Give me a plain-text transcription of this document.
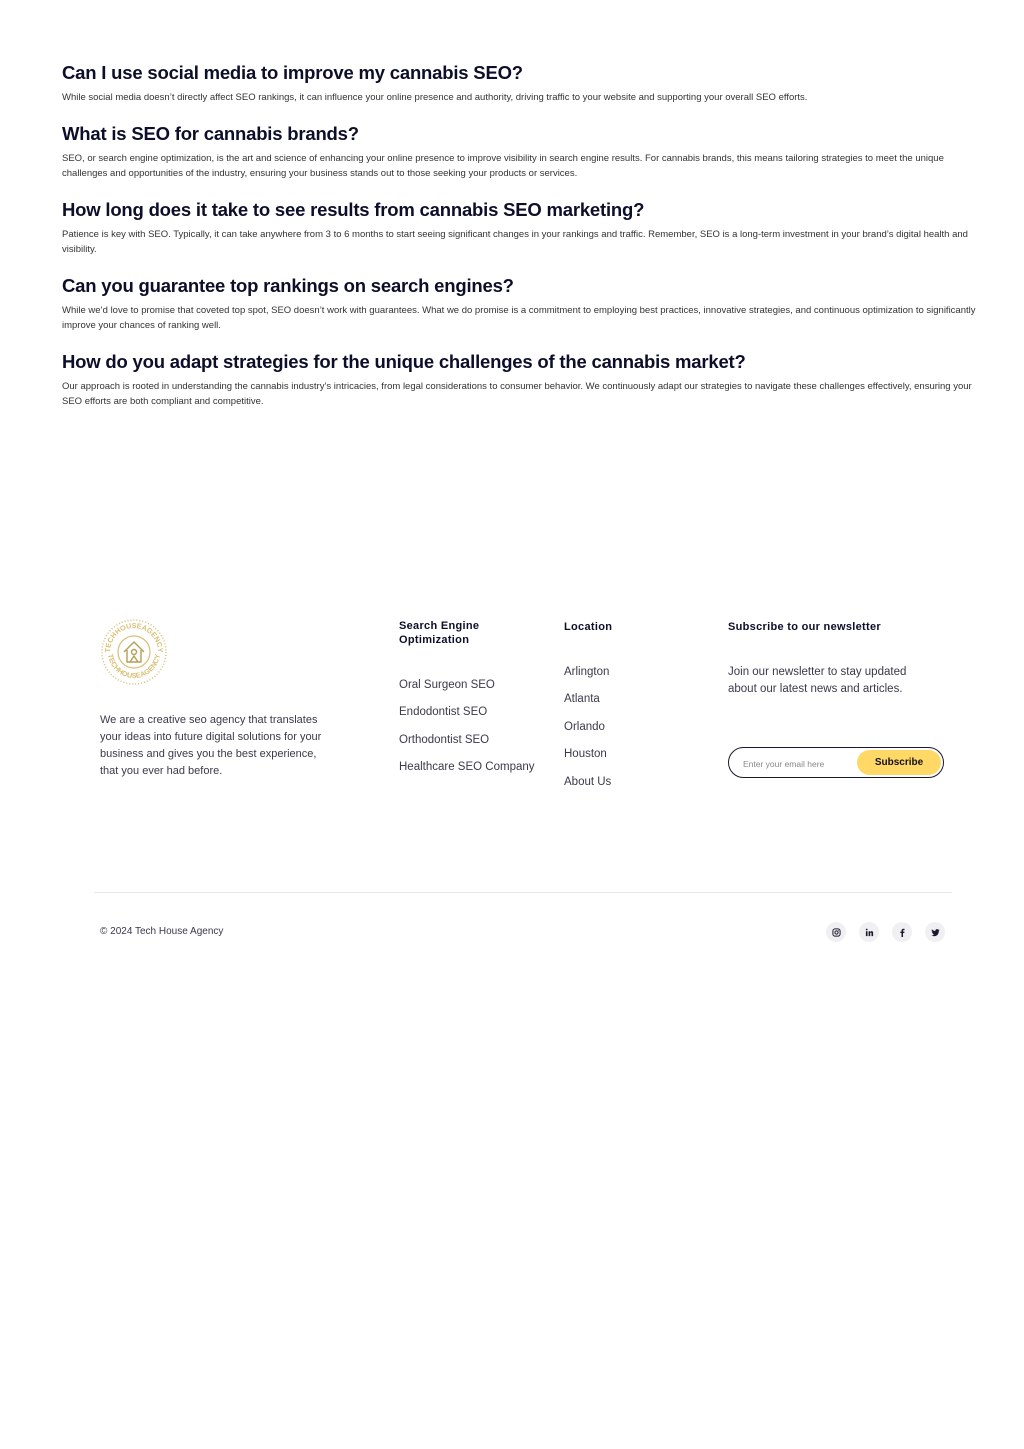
Can I use social media to improve my cannabis SEO?

While social media doesn’t directly affect SEO rankings, it can influence your online presence and authority, driving traffic to your website and supporting your overall SEO efforts.

What is SEO for cannabis brands?

SEO, or search engine optimization, is the art and science of enhancing your online presence to improve visibility in search engine results. For cannabis brands, this means tailoring strategies to meet the unique challenges and opportunities of the industry, ensuring your business stands out to those seeking your products or services.

How long does it take to see results from cannabis SEO marketing?

Patience is key with SEO. Typically, it can take anywhere from 3 to 6 months to start seeing significant changes in your rankings and traffic. Remember, SEO is a long-term investment in your brand’s digital health and visibility.

Can you guarantee top rankings on search engines?

While we’d love to promise that coveted top spot, SEO doesn’t work with guarantees. What we do promise is a commitment to employing best practices, innovative strategies, and continuous optimization to significantly improve your chances of ranking well.

How do you adapt strategies for the unique challenges of the cannabis market?

Our approach is rooted in understanding the cannabis industry’s intricacies, from legal considerations to consumer behavior. We continuously adapt our strategies to navigate these challenges effectively, ensuring your SEO efforts are both compliant and competitive.

TECHHOUSEAGENCY
TECHHOUSEAGENCY
We are a creative seo agency that translates your ideas into future digital solutions for your business and gives you the best experience, that you ever had before.
Search Engine Optimization
Oral Surgeon SEO
Endodontist SEO
Orthodontist SEO
Healthcare SEO Company
Location
Arlington
Atlanta
Orlando
Houston
About Us
Subscribe to our newsletter
Join our newsletter to stay updated about our latest news and articles.
Enter your email here
Subscribe
© 2024 Tech House Agency
